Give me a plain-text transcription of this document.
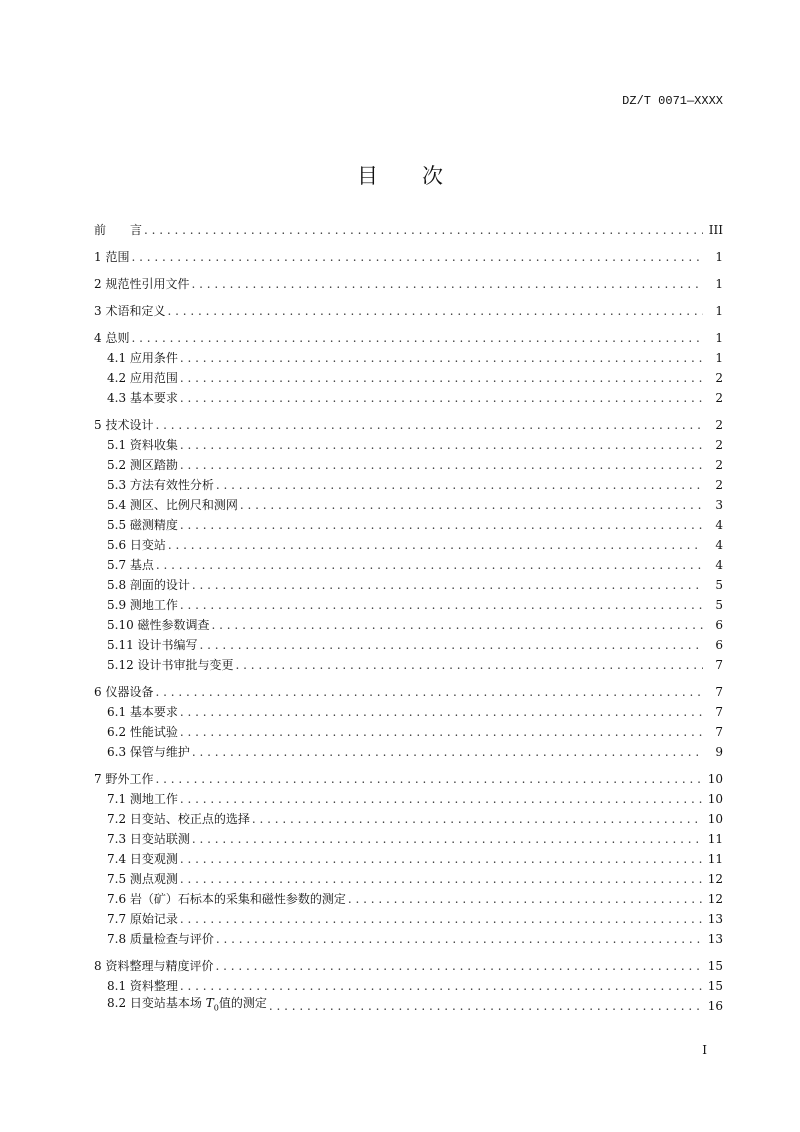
DZ/T 0071—XXXX
目次
前　　言 . . .	III
1 范围 . . .	1
2 规范性引用文件 . . .	1
3 术语和定义 . . .	1
4 总则 . . .	1
4.1 应用条件 . . .	1
4.2 应用范围 . . .	2
4.3 基本要求 . . .	2
5 技术设计 . . .	2
5.1 资料收集 . . .	2
5.2 测区踏勘 . . .	2
5.3 方法有效性分析 . . .	2
5.4 测区、比例尺和测网 . . .	3
5.5 磁测精度 . . .	4
5.6 日变站 . . .	4
5.7 基点 . . .	4
5.8 剖面的设计 . . .	5
5.9 测地工作 . . .	5
5.10 磁性参数调查 . . .	6
5.11 设计书编写 . . .	6
5.12 设计书审批与变更 . . .	7
6 仪器设备 . . .	7
6.1 基本要求 . . .	7
6.2 性能试验 . . .	7
6.3 保管与维护 . . .	9
7 野外工作 . . .	10
7.1 测地工作 . . .	10
7.2 日变站、校正点的选择 . . .	10
7.3 日变站联测 . . .	11
7.4 日变观测 . . .	11
7.5 测点观测 . . .	12
7.6 岩（矿）石标本的采集和磁性参数的测定 . . .	12
7.7 原始记录 . . .	13
7.8 质量检查与评价 . . .	13
8 资料整理与精度评价 . . .	15
8.1 资料整理 . . .	15
8.2 日变站基本场 $T_0$值的测定 . . .	16
I
